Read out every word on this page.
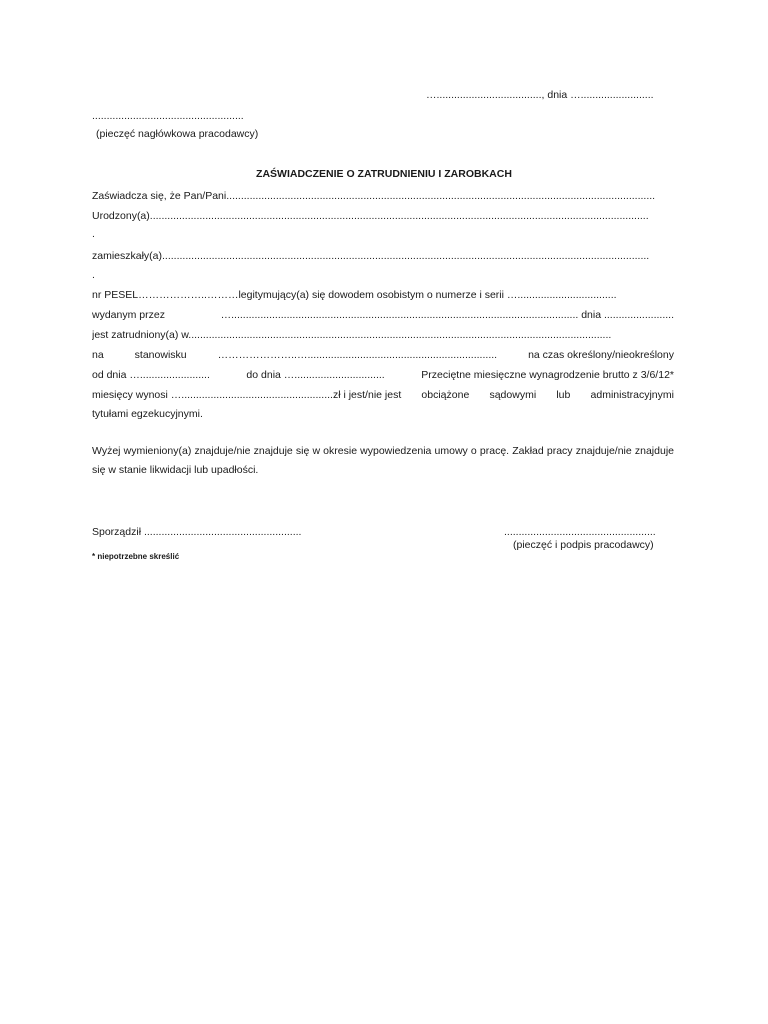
…...................................., dnia ….........................
....................................................
(pieczęć nagłówkowa pracodawcy)
ZAŚWIADCZENIE O ZATRUDNIENIU I ZAROBKACH
Zaświadcza się, że Pan/Pani...................................................................................................................................................
Urodzony(a)...........................................................................................................................................................................
.
zamieszkały(a).......................................................................................................................................................................
.
nr PESEL………………..………legitymujący(a) się dowodem osobistym o numerze i serii …..................................
wydanym przez	…....................................................................................................................... dnia ........................
jest zatrudniony(a) w.................................................................................................................................................
na	stanowisku	…………………..….................................................................	na czas określony/nieokreślony
od dnia …........................	do dnia …...............................	Przeciętne miesięczne wynagrodzenie brutto z 3/6/12*
miesięcy wynosi …....................................................zł i jest/nie jest obciążone sądowymi lub administracyjnymi
tytułami egzekucyjnymi.
Wyżej wymieniony(a) znajduje/nie znajduje się w okresie wypowiedzenia umowy o pracę. Zakład pracy znajduje/nie znajduje się w stanie likwidacji lub upadłości.
Sporządził ......................................................	....................................................
(pieczęć i podpis pracodawcy)
* niepotrzebne skreślić
